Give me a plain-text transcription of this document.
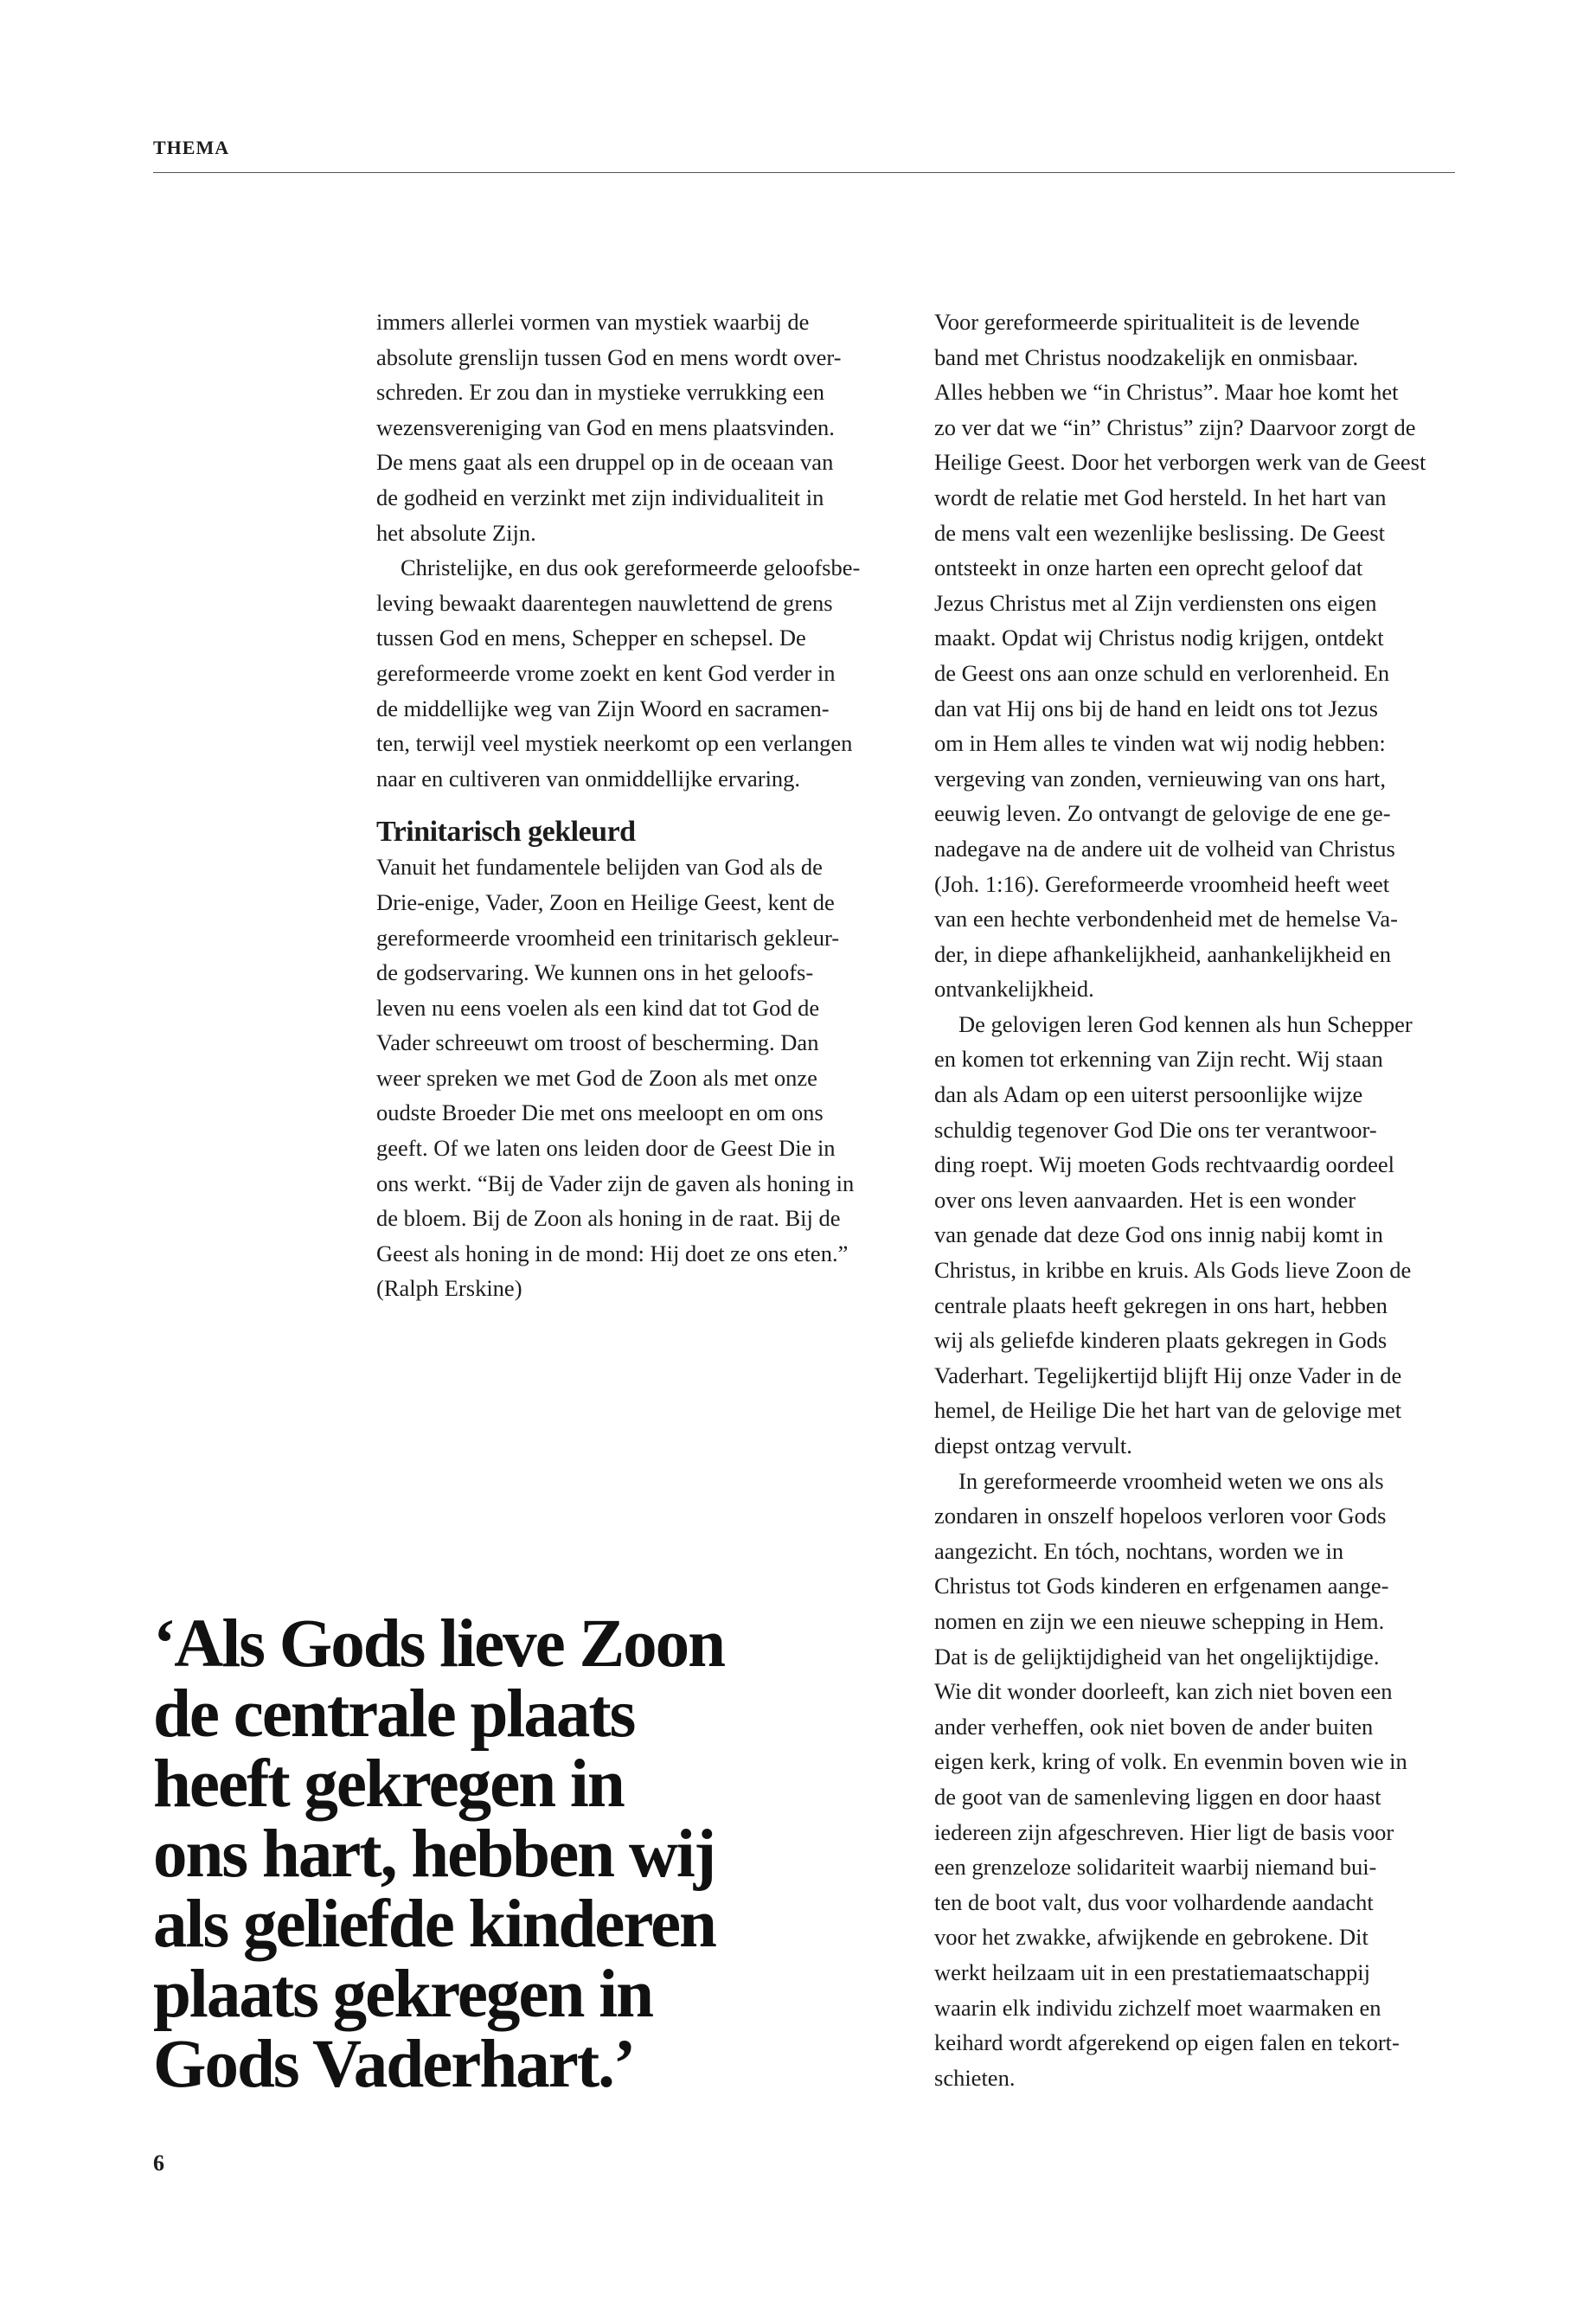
THEMA

immers allerlei vormen van mystiek waarbij de

absolute grenslijn tussen God en mens wordt over-

schreden. Er zou dan in mystieke verrukking een

wezensvereniging van God en mens plaatsvinden.

De mens gaat als een druppel op in de oceaan van

de godheid en verzinkt met zijn individualiteit in

het absolute Zijn.

Christelijke, en dus ook gereformeerde geloofsbe-

leving bewaakt daarentegen nauwlettend de grens

tussen God en mens, Schepper en schepsel. De

gereformeerde vrome zoekt en kent God verder in

de middellijke weg van Zijn Woord en sacramen-

ten, terwijl veel mystiek neerkomt op een verlangen

naar en cultiveren van onmiddellijke ervaring.

Trinitarisch gekleurd

Vanuit het fundamentele belijden van God als de

Drie-enige, Vader, Zoon en Heilige Geest, kent de

gereformeerde vroomheid een trinitarisch gekleur-

de godservaring. We kunnen ons in het geloofs-

leven nu eens voelen als een kind dat tot God de

Vader schreeuwt om troost of bescherming. Dan

weer spreken we met God de Zoon als met onze

oudste Broeder Die met ons meeloopt en om ons

geeft. Of we laten ons leiden door de Geest Die in

ons werkt. “Bij de Vader zijn de gaven als honing in

de bloem. Bij de Zoon als honing in de raat. Bij de

Geest als honing in de mond: Hij doet ze ons eten.”

(Ralph Erskine)

Voor gereformeerde spiritualiteit is de levende

band met Christus noodzakelijk en onmisbaar.

Alles hebben we “in Christus”. Maar hoe komt het

zo ver dat we “in” Christus” zijn? Daarvoor zorgt de

Heilige Geest. Door het verborgen werk van de Geest

wordt de relatie met God hersteld. In het hart van

de mens valt een wezenlijke beslissing. De Geest

ontsteekt in onze harten een oprecht geloof dat

Jezus Christus met al Zijn verdiensten ons eigen

maakt. Opdat wij Christus nodig krijgen, ontdekt

de Geest ons aan onze schuld en verlorenheid. En

dan vat Hij ons bij de hand en leidt ons tot Jezus

om in Hem alles te vinden wat wij nodig hebben:

vergeving van zonden, vernieuwing van ons hart,

eeuwig leven. Zo ontvangt de gelovige de ene ge-

nadegave na de andere uit de volheid van Christus

(Joh. 1:16). Gereformeerde vroomheid heeft weet

van een hechte verbondenheid met de hemelse Va-

der, in diepe afhankelijkheid, aanhankelijkheid en

ontvankelijkheid.

De gelovigen leren God kennen als hun Schepper

en komen tot erkenning van Zijn recht. Wij staan

dan als Adam op een uiterst persoonlijke wijze

schuldig tegenover God Die ons ter verantwoor-

ding roept. Wij moeten Gods rechtvaardig oordeel

over ons leven aanvaarden. Het is een wonder

van genade dat deze God ons innig nabij komt in

Christus, in kribbe en kruis. Als Gods lieve Zoon de

centrale plaats heeft gekregen in ons hart, hebben

wij als geliefde kinderen plaats gekregen in Gods

Vaderhart. Tegelijkertijd blijft Hij onze Vader in de

hemel, de Heilige Die het hart van de gelovige met

diepst ontzag vervult.

In gereformeerde vroomheid weten we ons als

zondaren in onszelf hopeloos verloren voor Gods

aangezicht. En tóch, nochtans, worden we in

Christus tot Gods kinderen en erfgenamen aange-

nomen en zijn we een nieuwe schepping in Hem.

Dat is de gelijktijdigheid van het ongelijktijdige.

Wie dit wonder doorleeft, kan zich niet boven een

ander verheffen, ook niet boven de ander buiten

eigen kerk, kring of volk. En evenmin boven wie in

de goot van de samenleving liggen en door haast

iedereen zijn afgeschreven. Hier ligt de basis voor

een grenzeloze solidariteit waarbij niemand bui-

ten de boot valt, dus voor volhardende aandacht

voor het zwakke, afwijkende en gebrokene. Dit

werkt heilzaam uit in een prestatiemaatschappij

waarin elk individu zichzelf moet waarmaken en

keihard wordt afgerekend op eigen falen en tekort-

schieten.

‘Als Gods lieve Zoon
de centrale plaats
heeft gekregen in
ons hart, hebben wij
als geliefde kinderen
plaats gekregen in
Gods Vaderhart.’
6
